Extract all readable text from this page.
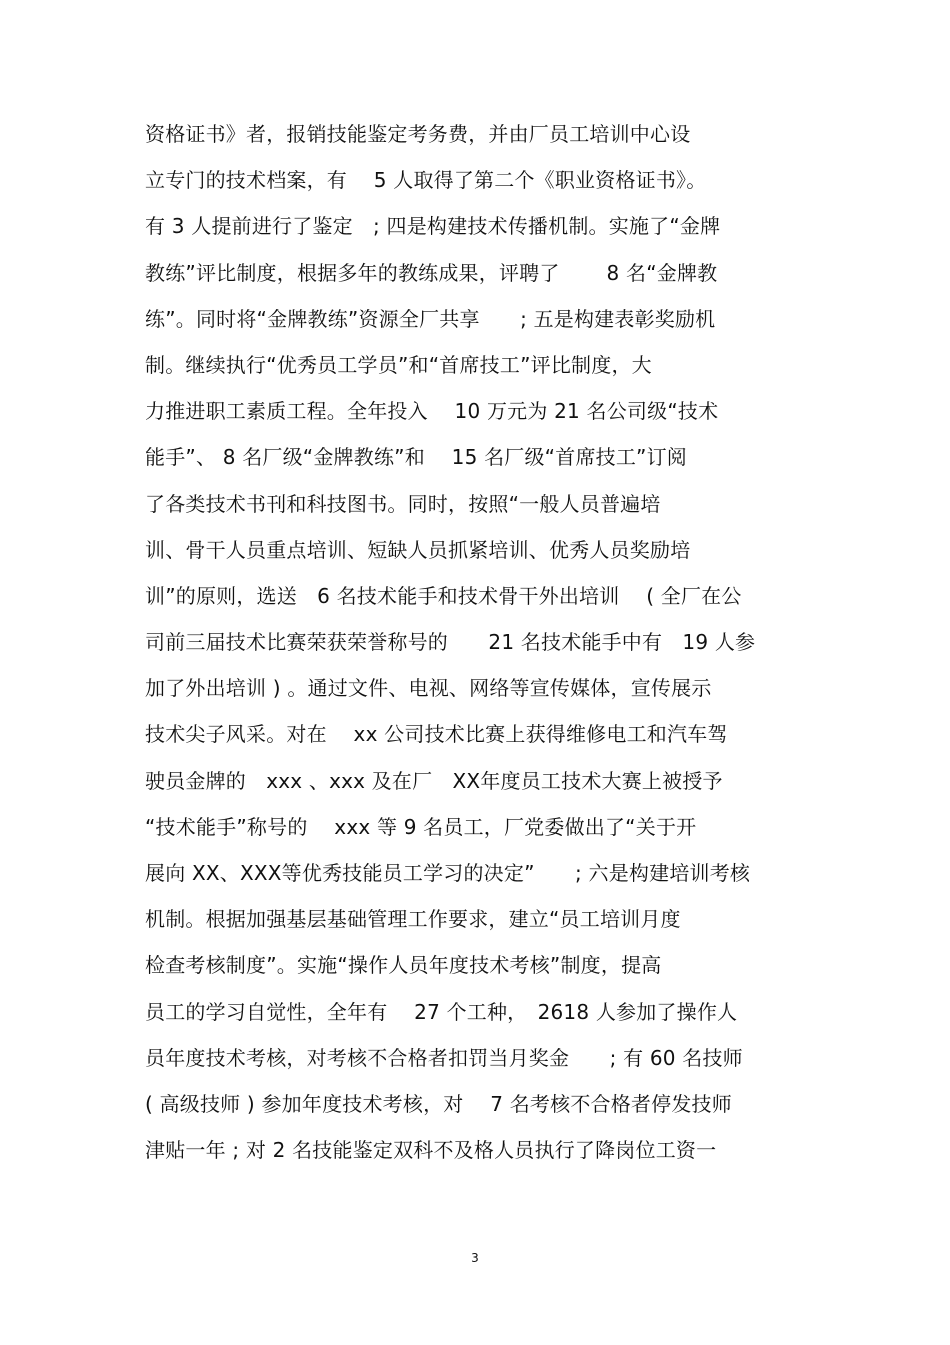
资格证书》者，报销技能鉴定考务费，并由厂员工培训中心设
立专门的技术档案，有　 5 人取得了第二个《职业资格证书》。
有 3 人提前进行了鉴定　; 四是构建技术传播机制。实施了“金牌
教练”评比制度，根据多年的教练成果，评聘了　　 8 名“金牌教
练”。同时将“金牌教练”资源全厂共享　　; 五是构建表彰奖励机
制。继续执行“优秀员工学员”和“首席技工”评比制度，大
力推进职工素质工程。全年投入　 10 万元为 21 名公司级“技术
能手”、 8 名厂级“金牌教练”和　 15 名厂级“首席技工”订阅
了各类技术书刊和科技图书。同时，按照“一般人员普遍培
训、骨干人员重点培训、短缺人员抓紧培训、优秀人员奖励培
训”的原则，选送　6 名技术能手和技术骨干外出培训　 ( 全厂在公
司前三届技术比赛荣获荣誉称号的　　21 名技术能手中有　19 人参
加了外出培训 ) 。通过文件、电视、网络等宣传媒体，宣传展示
技术尖子风采。对在　 xx 公司技术比赛上获得维修电工和汽车驾
驶员金牌的　xxx 、xxx 及在厂　XX年度员工技术大赛上被授予
“技术能手”称号的　 xxx 等 9 名员工，厂党委做出了“关于开
展向 XX、XXX等优秀技能员工学习的决定”　　; 六是构建培训考核
机制。根据加强基层基础管理工作要求，建立“员工培训月度
检查考核制度”。实施“操作人员年度技术考核”制度，提高
员工的学习自觉性，全年有　 27 个工种，　2618 人参加了操作人
员年度技术考核，对考核不合格者扣罚当月奖金　　; 有 60 名技师
( 高级技师 ) 参加年度技术考核，对　 7 名考核不合格者停发技师
津贴一年 ; 对 2 名技能鉴定双科不及格人员执行了降岗位工资一
3
